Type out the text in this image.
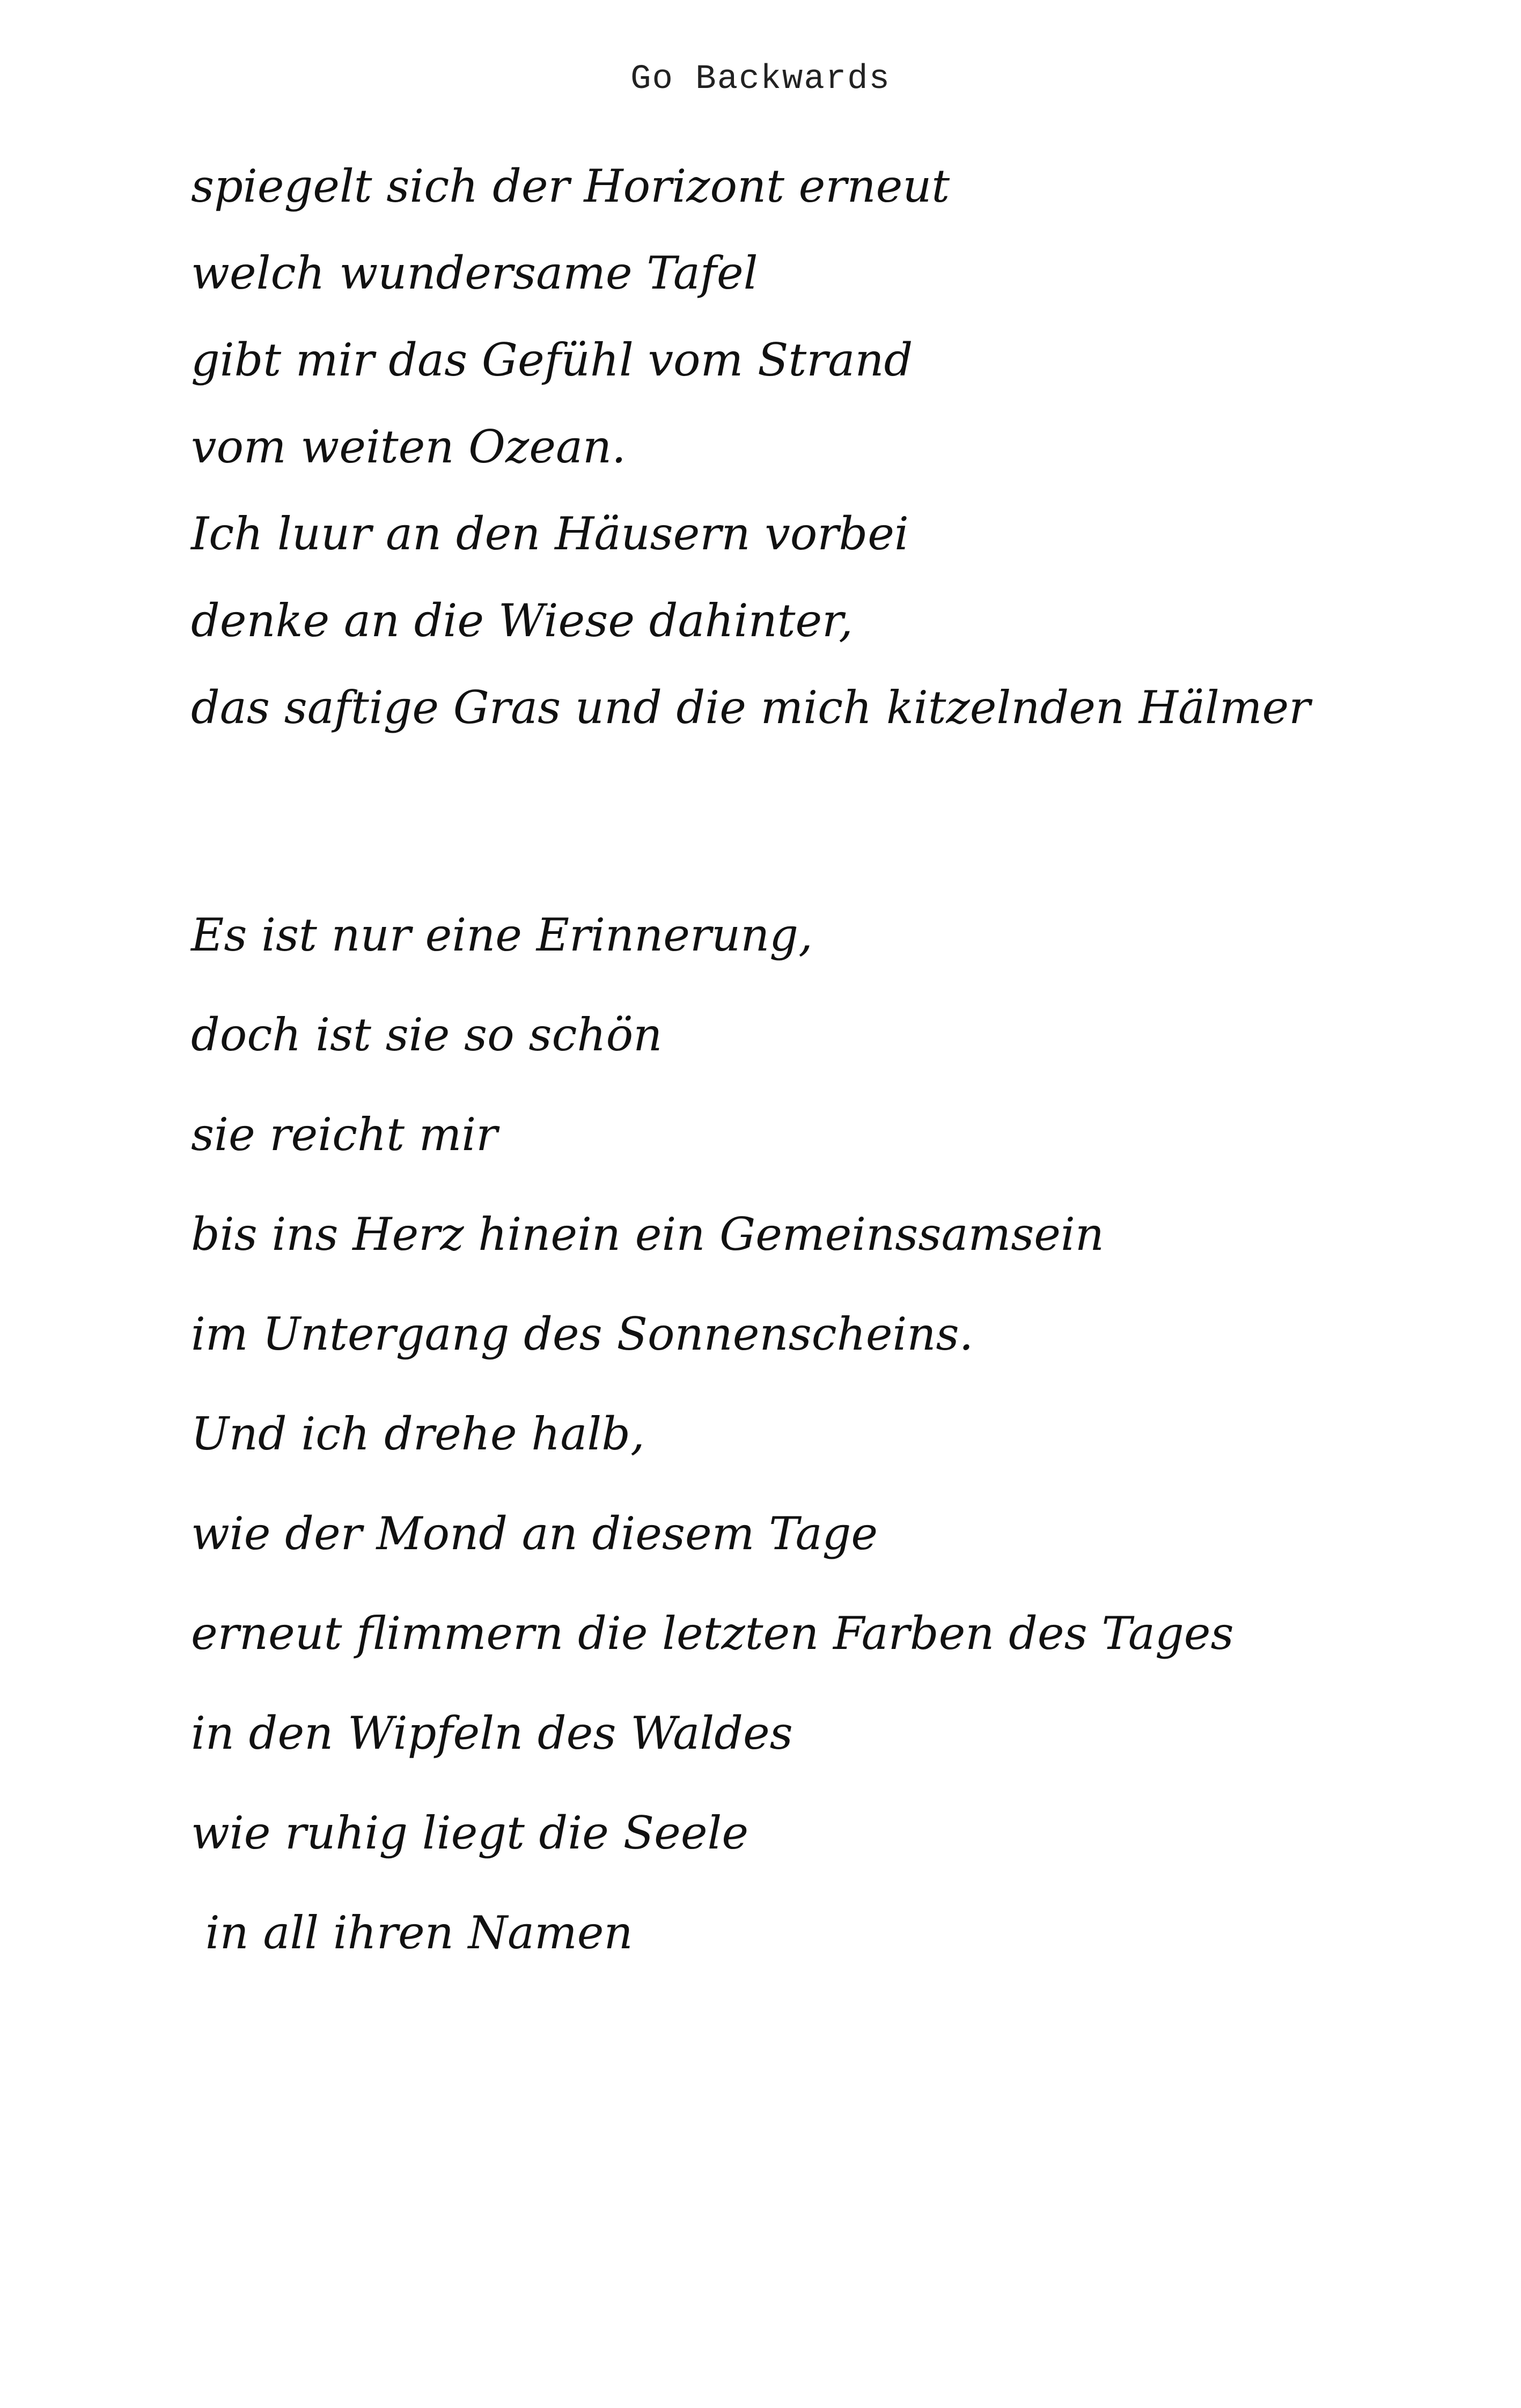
Go Backwards
spiegelt sich der Horizont erneut
welch wundersame Tafel
gibt mir das Gefühl vom Strand
vom weiten Ozean.
Ich luur an den Häusern vorbei
denke an die Wiese dahinter,
das saftige Gras und die mich kitzelnden Hälmer
Es ist nur eine Erinnerung,
doch ist sie so schön
sie reicht mir
bis ins Herz hinein ein Gemeinssamsein
im Untergang des Sonnenscheins.
Und ich drehe halb,
wie der Mond an diesem Tage
erneut flimmern die letzten Farben des Tages
in den Wipfeln des Waldes
wie ruhig liegt die Seele
in all ihren Namen
